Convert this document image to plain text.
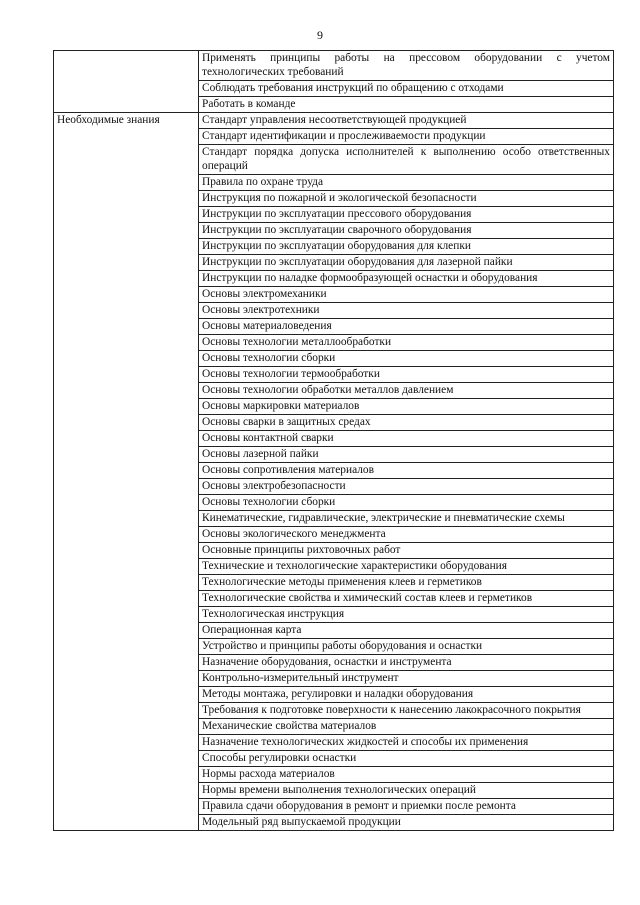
9
	Применять принципы работы на прессовом оборудовании с учетом технологических требований
	Соблюдать требования инструкций по обращению с отходами
	Работать в команде
Необходимые знания	Стандарт управления несоответствующей продукцией
	Стандарт идентификации и прослеживаемости продукции
	Стандарт порядка допуска исполнителей к выполнению особо ответственных операций
	Правила по охране труда
	Инструкция по пожарной и экологической безопасности
	Инструкции по эксплуатации прессового оборудования
	Инструкции по эксплуатации сварочного оборудования
	Инструкции по эксплуатации оборудования для клепки
	Инструкции по эксплуатации оборудования для лазерной пайки
	Инструкции по наладке формообразующей оснастки и оборудования
	Основы электромеханики
	Основы электротехники
	Основы материаловедения
	Основы технологии металлообработки
	Основы технологии сборки
	Основы технологии термообработки
	Основы технологии обработки металлов давлением
	Основы маркировки материалов
	Основы сварки в защитных средах
	Основы контактной сварки
	Основы лазерной пайки
	Основы сопротивления материалов
	Основы электробезопасности
	Основы технологии сборки
	Кинематические, гидравлические, электрические и пневматические схемы
	Основы экологического менеджмента
	Основные принципы рихтовочных работ
	Технические и технологические характеристики оборудования
	Технологические методы применения клеев и герметиков
	Технологические свойства и химический состав клеев и герметиков
	Технологическая инструкция
	Операционная карта
	Устройство и принципы работы оборудования и оснастки
	Назначение оборудования, оснастки и инструмента
	Контрольно-измерительный инструмент
	Методы монтажа, регулировки и наладки оборудования
	Требования к подготовке поверхности к нанесению лакокрасочного покрытия
	Механические свойства материалов
	Назначение технологических жидкостей и способы их применения
	Способы регулировки оснастки
	Нормы расхода материалов
	Нормы времени выполнения технологических операций
	Правила сдачи оборудования в ремонт и приемки после ремонта
	Модельный ряд выпускаемой продукции
